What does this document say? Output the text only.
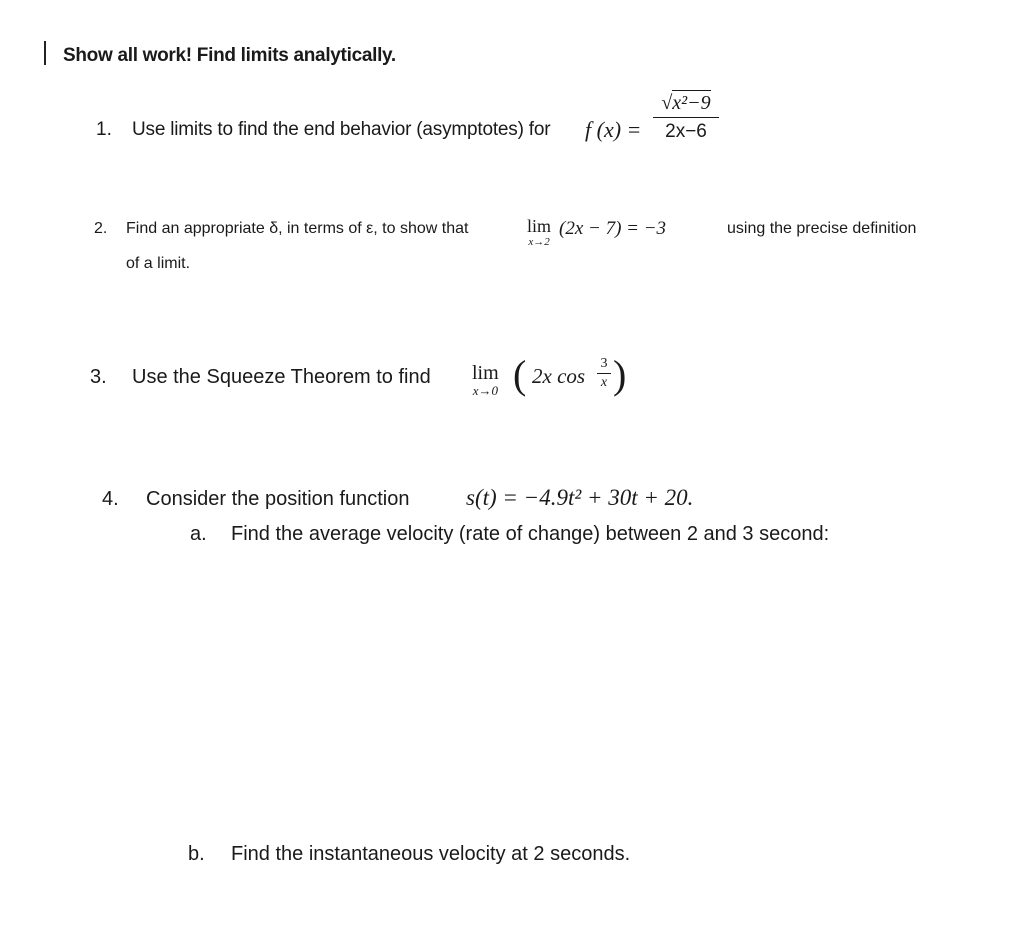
Show all work! Find limits analytically.
1. Use limits to find the end behavior (asymptotes) for f (x) =
√x²−9
2x−6
2. Find an appropriate δ, in terms of ε, to show that	lim
x→2
(2x − 7) = −3	using the precise definition
of a limit.
3. Use the Squeeze Theorem to find lim
x→0 ( 2x cos
3
x )
4. Consider the position function s(t) = −4.9t² + 30t + 20.
a. Find the average velocity (rate of change) between 2 and 3 second:
b. Find the instantaneous velocity at 2 seconds.
